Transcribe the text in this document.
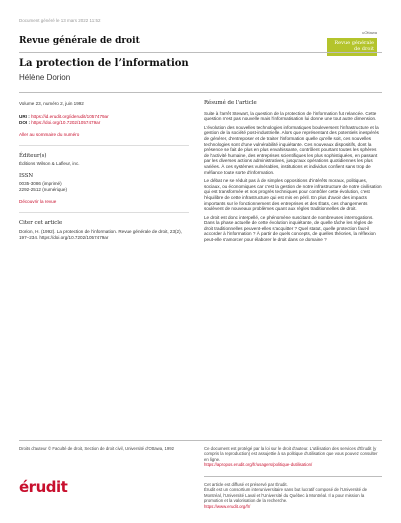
Document généré le 13 mars 2022 11:52
Revue générale de droit
uOttawa
Revue générale de droit
La protection de l’information
Hélène Dorion

Volume 23, numéro 2, juin 1992

URI : https://id.erudit.org/iderudit/1057479ar

DOI : https://doi.org/10.7202/1057479ar

Aller au sommaire du numéro

Éditeur(s)

Éditions Wilson & Lafleur, inc.

ISSN

0035-3086 (imprimé)

2292-2512 (numérique)

Découvrir la revue

Citer cet article

Dorion, H. (1992). La protection de l’information. Revue générale de droit, 23(2), 197–234. https://doi.org/10.7202/1057479ar

Résumé de l'article

Suite à l'arrêt Stewart, la question de la protection de l'information fut relancée. Cette question n'est pas nouvelle mais l'informatisation lui donne une tout autre dimension.

L'évolution des nouvelles technologies informatiques bouleversent l'infrastructure et la gestion de la société post-industrielle. Alors que représentant des potentiels inespérés de générer, d'entreposer et de traiter l'information quelle qu'elle soit, ces nouvelles technologies sont d'une vulnérabilité inquiétante. Ces nouveaux dispositifs, dont la présence se fait de plus en plus envahissante, contrôlent pourtant toutes les sphères de l'activité humaine, des entreprises scientifiques les plus sophistiquées, en passant par les diverses actions administratives, jusqu'aux opérations quotidiennes les plus variées. À ces systèmes vulnérables, institutions et individus confient sans trop de méfiance toute sorte d'information.

Le débat ne se réduit pas à de simples oppositions d'intérêts moraux, politiques, sociaux, ou économiques car c'est la gestion de notre infrastructure de notre civilisation qui est transformée et nos progrès techniques pour contrôler cette évolution, c'est l'équilibre de cette infrastructure qui est mis en péril. En plus d'avoir des impacts importants sur le fonctionnement des entreprises et des États, ces changements soulèvent de nouveaux problèmes quant aux règles traditionnelles de droit.

Le droit est donc interpellé, ce phénomène suscitant de nombreuses interrogations. Dans la phase actuelle de cette évolution inquiétante, de quelle tâche les règles de droit traditionnelles peuvent-elles s'acquitter ? Quel statut, quelle protection faut-il accorder à l'information ? À partir de quels concepts, de quelles théories, la réflexion peut-elle s'amorcer pour élaborer le droit dans ce domaine ?

Droits d'auteur © Faculté de droit, Section de droit civil, Université d'Ottawa, 1992	Ce document est protégé par la loi sur le droit d'auteur. L'utilisation des services d'Érudit (y compris la reproduction) est assujettie à sa politique d'utilisation que vous pouvez consulter en ligne.
https://apropos.erudit.org/fr/usagers/politique-dutilisation/
érudit	Cet article est diffusé et préservé par Érudit.
Érudit est un consortium interuniversitaire sans but lucratif composé de l'Université de Montréal, l'Université Laval et l'Université du Québec à Montréal. Il a pour mission la promotion et la valorisation de la recherche.
https://www.erudit.org/fr/
